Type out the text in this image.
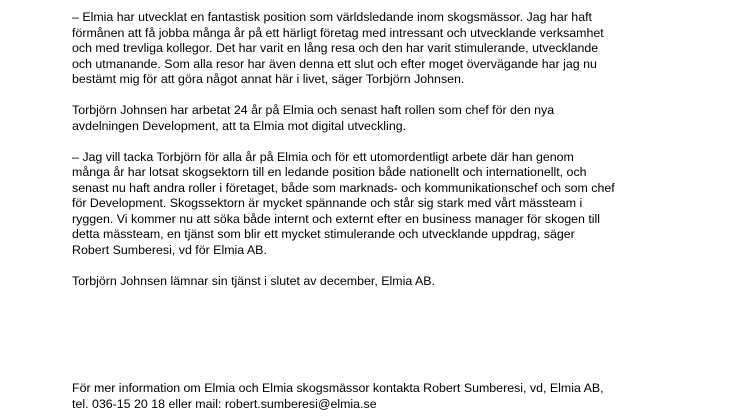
– Elmia har utvecklat en fantastisk position som världsledande inom skogsmässor. Jag har haft
förmånen att få jobba många år på ett härligt företag med intressant och utvecklande verksamhet
och med trevliga kollegor. Det har varit en lång resa och den har varit stimulerande, utvecklande
och utmanande. Som alla resor har även denna ett slut och efter moget övervägande har jag nu
bestämt mig för att göra något annat här i livet, säger Torbjörn Johnsen.

Torbjörn Johnsen har arbetat 24 år på Elmia och senast haft rollen som chef för den nya
avdelningen Development, att ta Elmia mot digital utveckling.

– Jag vill tacka Torbjörn för alla år på Elmia och för ett utomordentligt arbete där han genom
många år har lotsat skogsektorn till en ledande position både nationellt och internationellt, och
senast nu haft andra roller i företaget, både som marknads- och kommunikationschef och som chef
för Development. Skogssektorn är mycket spännande och står sig stark med vårt mässteam i
ryggen. Vi kommer nu att söka både internt och externt efter en business manager för skogen till
detta mässteam, en tjänst som blir ett mycket stimulerande och utvecklande uppdrag, säger
Robert Sumberesi, vd för Elmia AB.

Torbjörn Johnsen lämnar sin tjänst i slutet av december, Elmia AB.

För mer information om Elmia och Elmia skogsmässor kontakta Robert Sumberesi, vd, Elmia AB,
tel. 036-15 20 18 eller mail: robert.sumberesi@elmia.se
